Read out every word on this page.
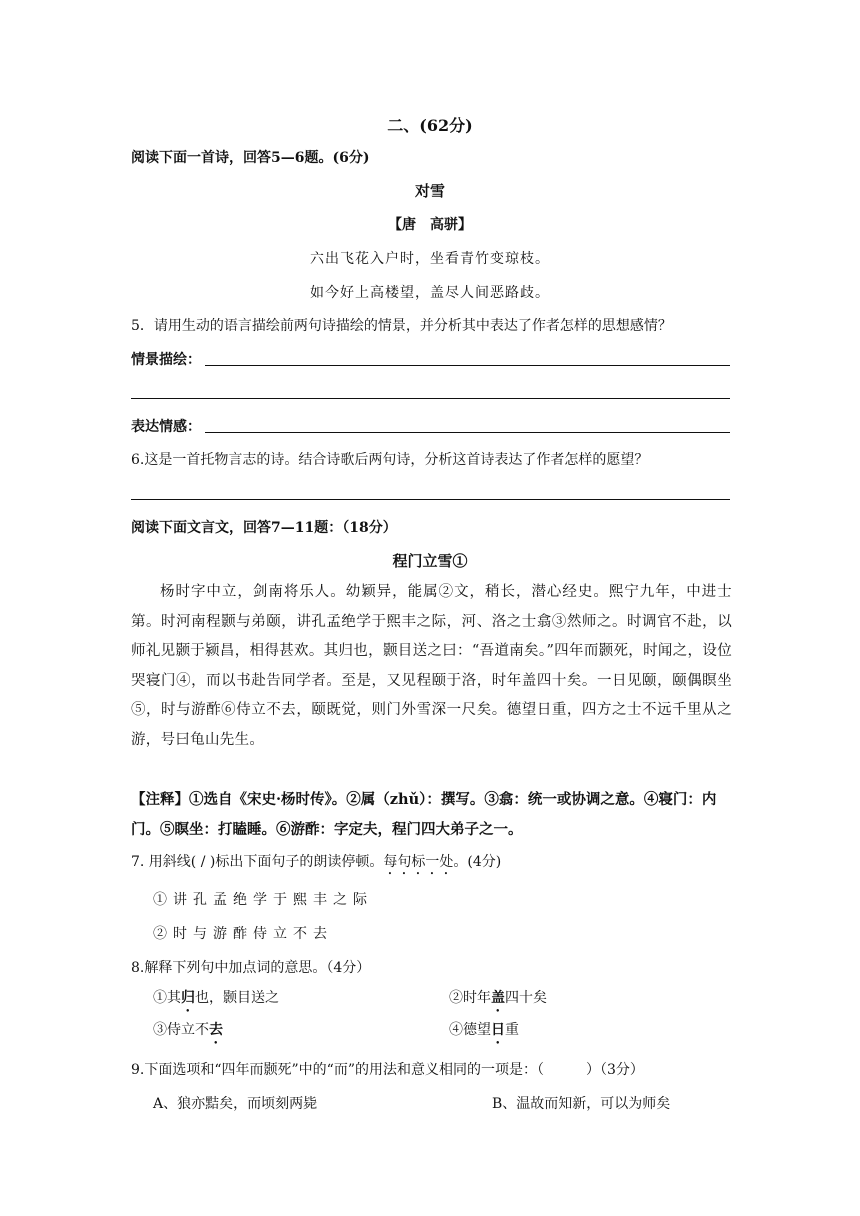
二、(62分)
阅读下面一首诗，回答5—6题。(6分)
对雪
【唐　高骈】
六出飞花入户时，坐看青竹变琼枝。
如今好上高楼望，盖尽人间恶路歧。
5．请用生动的语言描绘前两句诗描绘的情景，并分析其中表达了作者怎样的思想感情？
情景描绘：
表达情感：
6.这是一首托物言志的诗。结合诗歌后两句诗，分析这首诗表达了作者怎样的愿望？
阅读下面文言文，回答7—11题：（18分）
程门立雪①
杨时字中立，剑南将乐人。幼颖异，能属②文，稍长，潜心经史。熙宁九年，中进士第。时河南程颢与弟颐，讲孔孟绝学于熙丰之际，河、洛之士翕③然师之。时调官不赴，以师礼见颢于颍昌，相得甚欢。其归也，颢目送之曰：“吾道南矣。”四年而颢死，时闻之，设位哭寝门④，而以书赴告同学者。至是，又见程颐于洛，时年盖四十矣。一日见颐，颐偶瞑坐⑤，时与游酢⑥侍立不去，颐既觉，则门外雪深一尺矣。德望日重，四方之士不远千里从之游，号曰龟山先生。
【注释】①选自《宋史·杨时传》。②属（zhǔ）：撰写。③翕：统一或协调之意。④寝门：内门。⑤瞑坐：打瞌睡。⑥游酢：字定夫，程门四大弟子之一。
7. 用斜线( / )标出下面句子的朗读停顿。每句标一处。(4分)
①讲孔孟绝学于熙丰之际
②时与游酢侍立不去
8.解释下列句中加点词的意思。（4分）
①其归也，颢目送之	②时年盖四十矣
③侍立不去	④德望日重
9.下面选项和“四年而颢死”中的“而”的用法和意义相同的一项是：（　　　）（3分）
A、狼亦黠矣，而顷刻两毙	B、温故而知新，可以为师矣
